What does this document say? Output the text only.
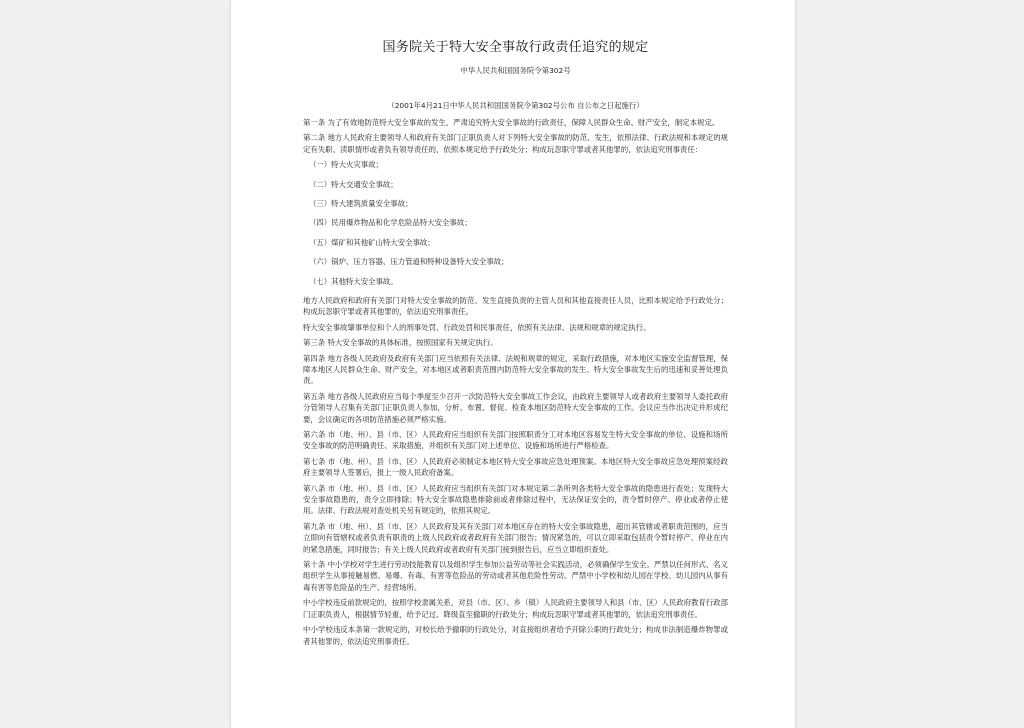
国务院关于特大安全事故行政责任追究的规定
中华人民共和国国务院令第302号
（2001年4月21日中华人民共和国国务院令第302号公布 自公布之日起施行）
第一条 为了有效地防范特大安全事故的发生，严肃追究特大安全事故的行政责任，保障人民群众生命、财产安全，制定本规定。
第二条 地方人民政府主要领导人和政府有关部门正职负责人对下列特大安全事故的防范、发生，依照法律、行政法规和本规定的规定有失职、渎职情形或者负有领导责任的，依照本规定给予行政处分；构成玩忽职守罪或者其他罪的，依法追究刑事责任：
（一）特大火灾事故；
（二）特大交通安全事故；
（三）特大建筑质量安全事故；
（四）民用爆炸物品和化学危险品特大安全事故；
（五）煤矿和其他矿山特大安全事故；
（六）锅炉、压力容器、压力管道和特种设备特大安全事故；
（七）其他特大安全事故。
地方人民政府和政府有关部门对特大安全事故的防范、发生直接负责的主管人员和其他直接责任人员，比照本规定给予行政处分；构成玩忽职守罪或者其他罪的，依法追究刑事责任。
特大安全事故肇事单位和个人的刑事处罚、行政处罚和民事责任，依照有关法律、法规和规章的规定执行。
第三条 特大安全事故的具体标准，按照国家有关规定执行。
第四条 地方各级人民政府及政府有关部门应当依照有关法律、法规和规章的规定，采取行政措施，对本地区实施安全监督管理，保障本地区人民群众生命、财产安全，对本地区或者职责范围内防范特大安全事故的发生、特大安全事故发生后的迅速和妥善处理负责。
第五条 地方各级人民政府应当每个季度至少召开一次防范特大安全事故工作会议，由政府主要领导人或者政府主要领导人委托政府分管领导人召集有关部门正职负责人参加，分析、布置、督促、检查本地区防范特大安全事故的工作。会议应当作出决定并形成纪要，会议确定的各项防范措施必须严格实施。
第六条 市（地、州）、县（市、区）人民政府应当组织有关部门按照职责分工对本地区容易发生特大安全事故的单位、设施和场所安全事故的防范明确责任、采取措施，并组织有关部门对上述单位、设施和场所进行严格检查。
第七条 市（地、州）、县（市、区）人民政府必须制定本地区特大安全事故应急处理预案。本地区特大安全事故应急处理预案经政府主要领导人签署后，报上一级人民政府备案。
第八条 市（地、州）、县（市、区）人民政府应当组织有关部门对本规定第二条所列各类特大安全事故的隐患进行查处；发现特大安全事故隐患的，责令立即排除；特大安全事故隐患排除前或者排除过程中，无法保证安全的，责令暂时停产、停业或者停止使用。法律、行政法规对查处机关另有规定的，依照其规定。
第九条 市（地、州）、县（市、区）人民政府及其有关部门对本地区存在的特大安全事故隐患，超出其管辖或者职责范围的，应当立即向有管辖权或者负责有职责的上级人民政府或者政府有关部门报告；情况紧急的，可以立即采取包括责令暂时停产、停业在内的紧急措施，同时报告；有关上级人民政府或者政府有关部门接到报告后，应当立即组织查处。
第十条 中小学校对学生进行劳动技能教育以及组织学生参加公益劳动等社会实践活动，必须确保学生安全。严禁以任何形式、名义组织学生从事接触易燃、易爆、有毒、有害等危险品的劳动或者其他危险性劳动。严禁中小学校和幼儿园在学校、幼儿园内从事有毒有害等危险品的生产、经营场所。
中小学校违反前款规定的，按照学校隶属关系，对县（市、区）、乡（镇）人民政府主要领导人和县（市、区）人民政府教育行政部门正职负责人，根据情节轻重，给予记过、降级直至撤职的行政处分；构成玩忽职守罪或者其他罪的，依法追究刑事责任。
中小学校违反本条第一款规定的，对校长给予撤职的行政处分，对直接组织者给予开除公职的行政处分；构成非法制造爆炸物罪或者其他罪的，依法追究刑事责任。
